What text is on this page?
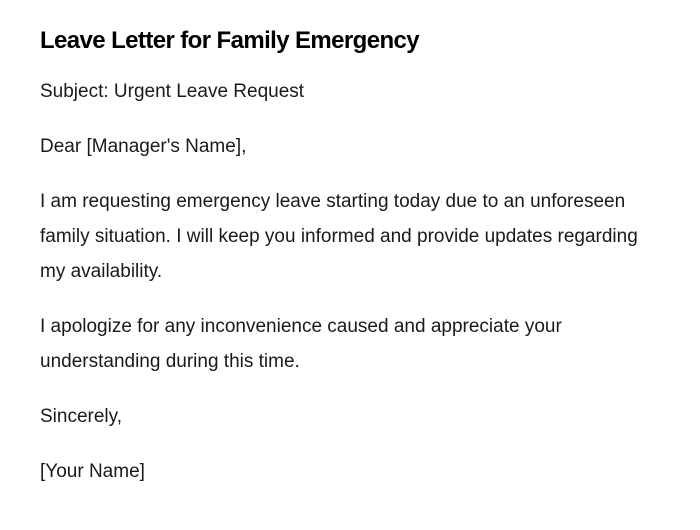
Leave Letter for Family Emergency

Subject: Urgent Leave Request

Dear [Manager's Name],

I am requesting emergency leave starting today due to an unforeseen family situation. I will keep you informed and provide updates regarding my availability.

I apologize for any inconvenience caused and appreciate your understanding during this time.

Sincerely,

[Your Name]
